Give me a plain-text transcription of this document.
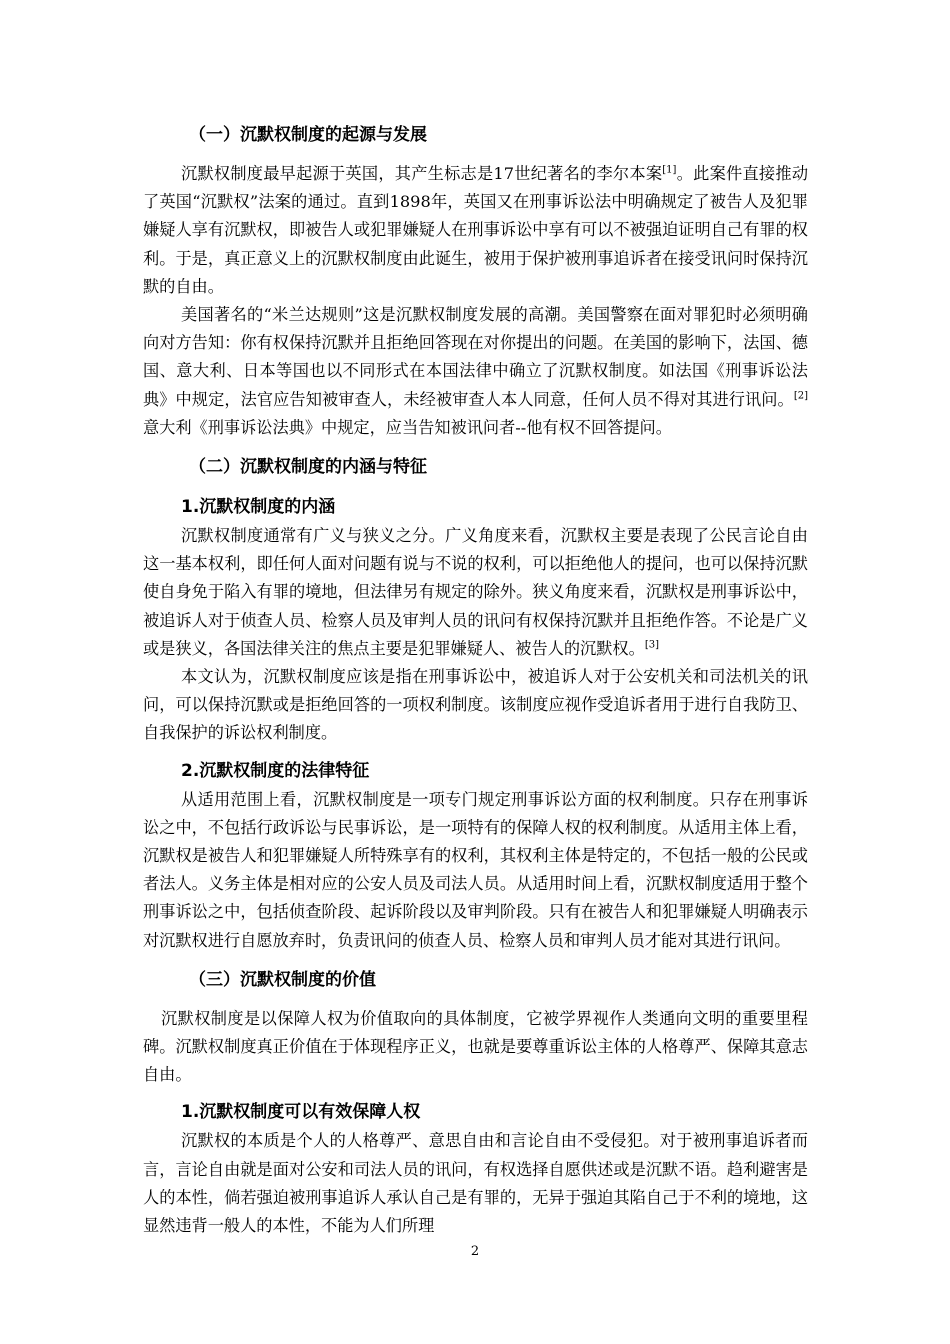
（一）沉默权制度的起源与发展

沉默权制度最早起源于英国，其产生标志是17世纪著名的李尔本案[1]。此案件直接推动了英国“沉默权”法案的通过。直到1898年，英国又在刑事诉讼法中明确规定了被告人及犯罪嫌疑人享有沉默权，即被告人或犯罪嫌疑人在刑事诉讼中享有可以不被强迫证明自己有罪的权利。于是，真正意义上的沉默权制度由此诞生，被用于保护被刑事追诉者在接受讯问时保持沉默的自由。

美国著名的“米兰达规则”这是沉默权制度发展的高潮。美国警察在面对罪犯时必须明确向对方告知：你有权保持沉默并且拒绝回答现在对你提出的问题。在美国的影响下，法国、德国、意大利、日本等国也以不同形式在本国法律中确立了沉默权制度。如法国《刑事诉讼法典》中规定，法官应告知被审查人，未经被审查人本人同意，任何人员不得对其进行讯问。[2]意大利《刑事诉讼法典》中规定，应当告知被讯问者--他有权不回答提问。

（二）沉默权制度的内涵与特征
1.沉默权制度的内涵

沉默权制度通常有广义与狭义之分。广义角度来看，沉默权主要是表现了公民言论自由这一基本权利，即任何人面对问题有说与不说的权利，可以拒绝他人的提问，也可以保持沉默使自身免于陷入有罪的境地，但法律另有规定的除外。狭义角度来看，沉默权是刑事诉讼中，被追诉人对于侦查人员、检察人员及审判人员的讯问有权保持沉默并且拒绝作答。不论是广义或是狭义，各国法律关注的焦点主要是犯罪嫌疑人、被告人的沉默权。[3]

本文认为，沉默权制度应该是指在刑事诉讼中，被追诉人对于公安机关和司法机关的讯问，可以保持沉默或是拒绝回答的一项权利制度。该制度应视作受追诉者用于进行自我防卫、自我保护的诉讼权利制度。

2.沉默权制度的法律特征

从适用范围上看，沉默权制度是一项专门规定刑事诉讼方面的权利制度。只存在刑事诉讼之中，不包括行政诉讼与民事诉讼，是一项特有的保障人权的权利制度。从适用主体上看，沉默权是被告人和犯罪嫌疑人所特殊享有的权利，其权利主体是特定的，不包括一般的公民或者法人。义务主体是相对应的公安人员及司法人员。从适用时间上看，沉默权制度适用于整个刑事诉讼之中，包括侦查阶段、起诉阶段以及审判阶段。只有在被告人和犯罪嫌疑人明确表示对沉默权进行自愿放弃时，负责讯问的侦查人员、检察人员和审判人员才能对其进行讯问。

（三）沉默权制度的价值

沉默权制度是以保障人权为价值取向的具体制度，它被学界视作人类通向文明的重要里程碑。沉默权制度真正价值在于体现程序正义，也就是要尊重诉讼主体的人格尊严、保障其意志自由。

1.沉默权制度可以有效保障人权

沉默权的本质是个人的人格尊严、意思自由和言论自由不受侵犯。对于被刑事追诉者而言，言论自由就是面对公安和司法人员的讯问，有权选择自愿供述或是沉默不语。趋利避害是人的本性，倘若强迫被刑事追诉人承认自己是有罪的，无异于强迫其陷自己于不利的境地，这显然违背一般人的本性，不能为人们所理

2
